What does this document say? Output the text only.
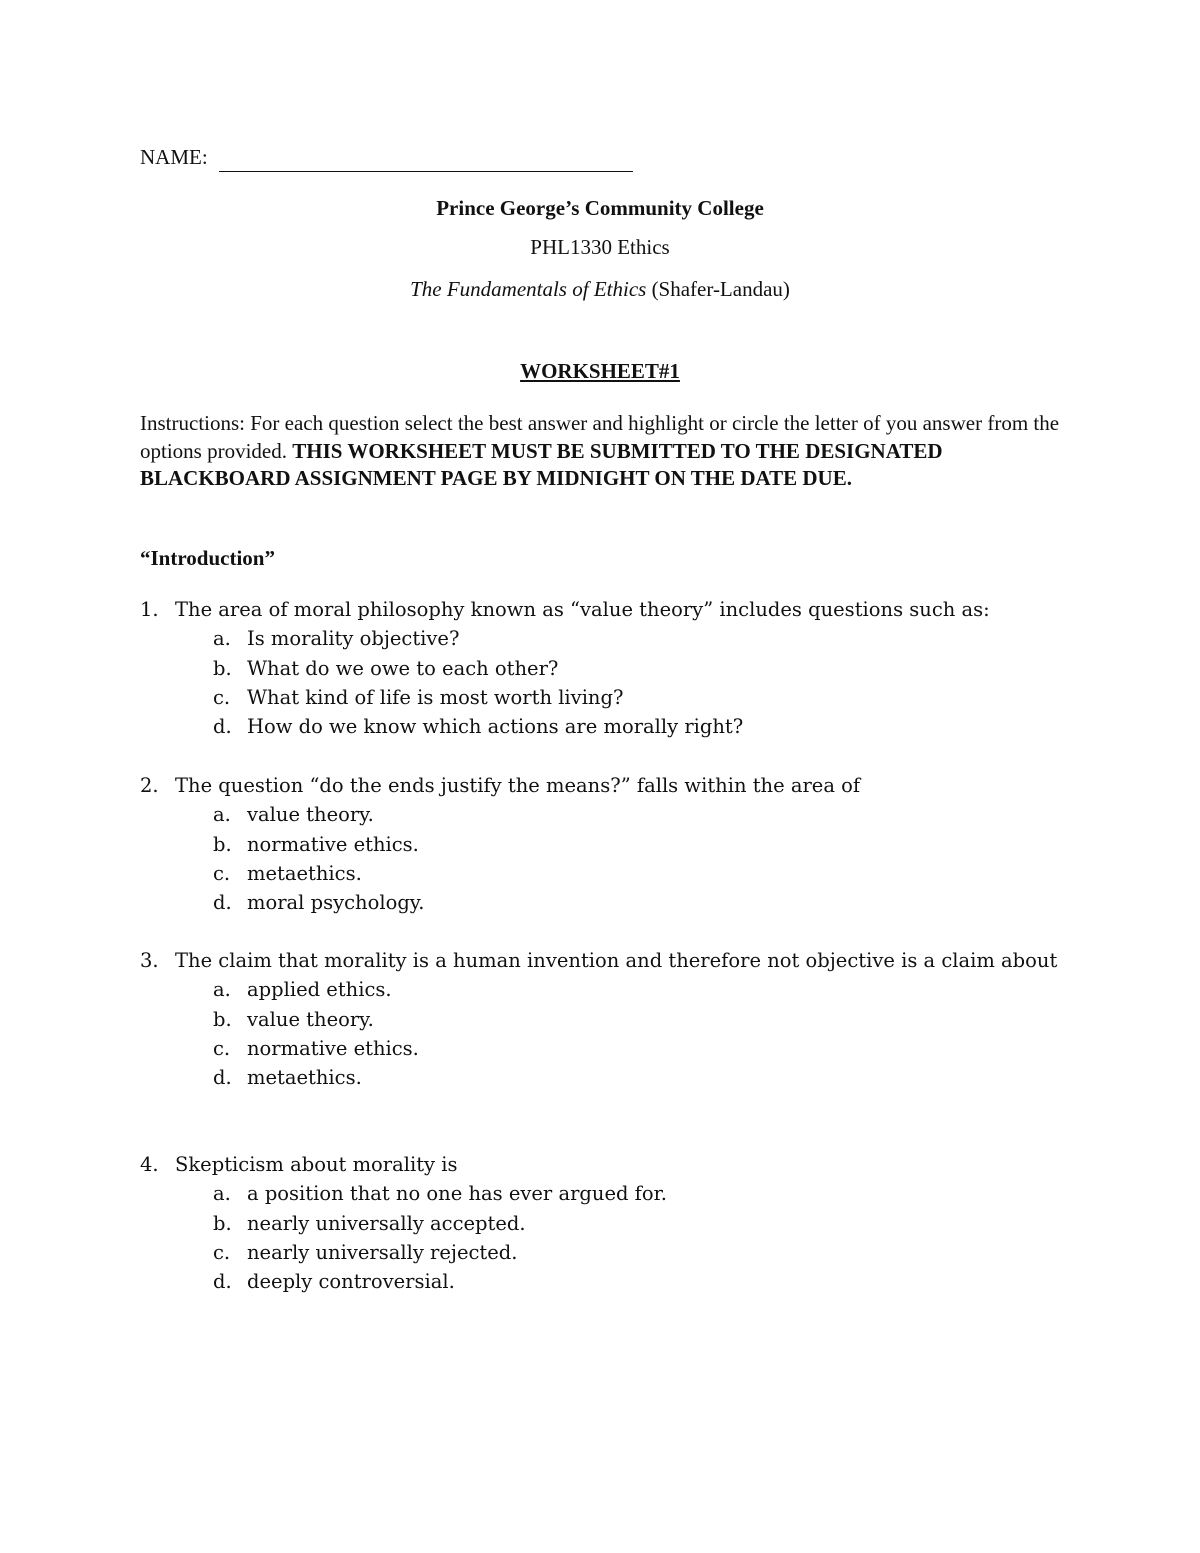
NAME:
Prince George’s Community College
PHL1330 Ethics
The Fundamentals of Ethics (Shafer-Landau)
WORKSHEET#1
Instructions: For each question select the best answer and highlight or circle the letter of you answer from the options provided. THIS WORKSHEET MUST BE SUBMITTED TO THE DESIGNATED BLACKBOARD ASSIGNMENT PAGE BY MIDNIGHT ON THE DATE DUE.
“Introduction”
1. The area of moral philosophy known as “value theory” includes questions such as:
a. Is morality objective?
b. What do we owe to each other?
c. What kind of life is most worth living?
d. How do we know which actions are morally right?
2. The question “do the ends justify the means?” falls within the area of
a. value theory.
b. normative ethics.
c. metaethics.
d. moral psychology.
3. The claim that morality is a human invention and therefore not objective is a claim about
a. applied ethics.
b. value theory.
c. normative ethics.
d. metaethics.
4. Skepticism about morality is
a. a position that no one has ever argued for.
b. nearly universally accepted.
c. nearly universally rejected.
d. deeply controversial.
